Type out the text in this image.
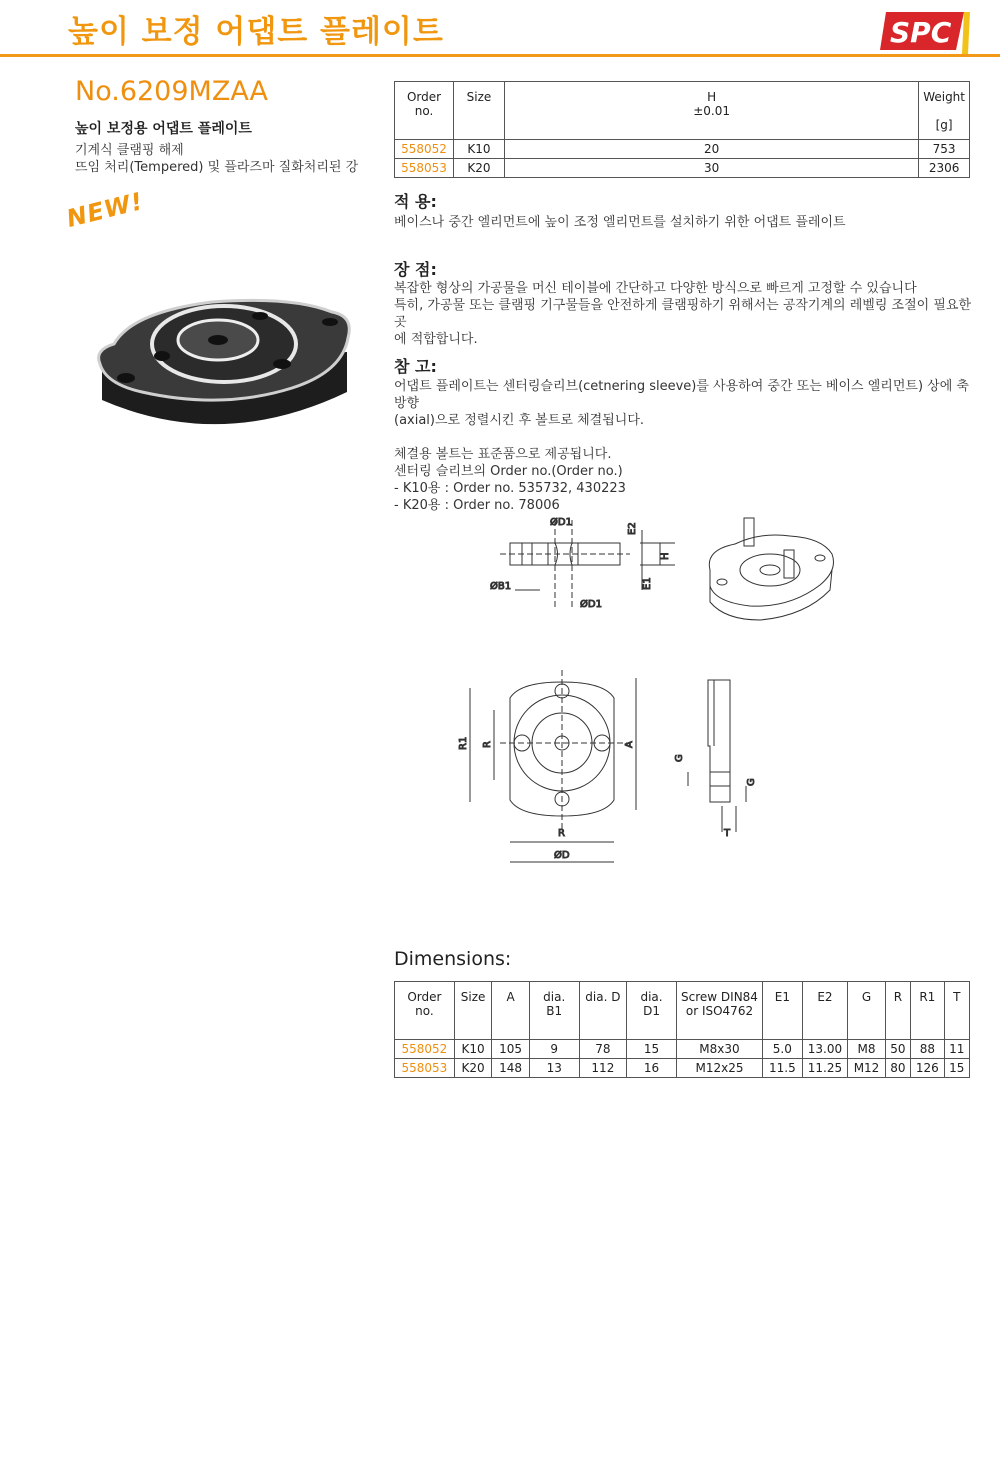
높이 보정 어댑트 플레이트	SPC
No.6209MZAA
높이 보정용 어댑트 플레이트
기계식 클램핑 해제
뜨임 처리(Tempered) 및 플라즈마 질화처리된 강
NEW!
Order
no.	Size	H
±0.01	Weight

[g]
558052	K10	20	753
558053	K20	30	2306
적 용:
베이스나 중간 엘리먼트에 높이 조정 엘리먼트를 설치하기 위한 어댑트 플레이트
장 점:
복잡한 형상의 가공물을 머신 테이블에 간단하고 다양한 방식으로 빠르게 고정할 수 있습니다
특히, 가공물 또는 클램핑 기구물들을 안전하게 클램핑하기 위해서는 공작기계의 레벨링 조절이 필요한 곳
에 적합합니다.
참 고:
어댑트 플레이트는 센터링슬리브(cetnering sleeve)를 사용하여 중간 또는 베이스 엘리먼트) 상에 축방향
(axial)으로 정렬시킨 후 볼트로 체결됩니다.
체결용 볼트는 표준품으로 제공됩니다.
센터링 슬리브의 Order no.(Order no.)
- K10용 : Order no. 535732, 430223
- K20용 : Order no. 78006
ØD1	E2
H
E1
ØB1
ØD1
R1 R	A
R
ØD
G
G
T
Dimensions:
Order
no.	Size	A	dia. B1	dia. D	dia. D1	Screw DIN84
or ISO4762	E1	E2	G	R	R1	T
558052	K10	105	9	78	15	M8x30	5.0	13.00	M8	50	88	11
558053	K20	148	13	112	16	M12x25	11.5	11.25	M12	80	126	15
